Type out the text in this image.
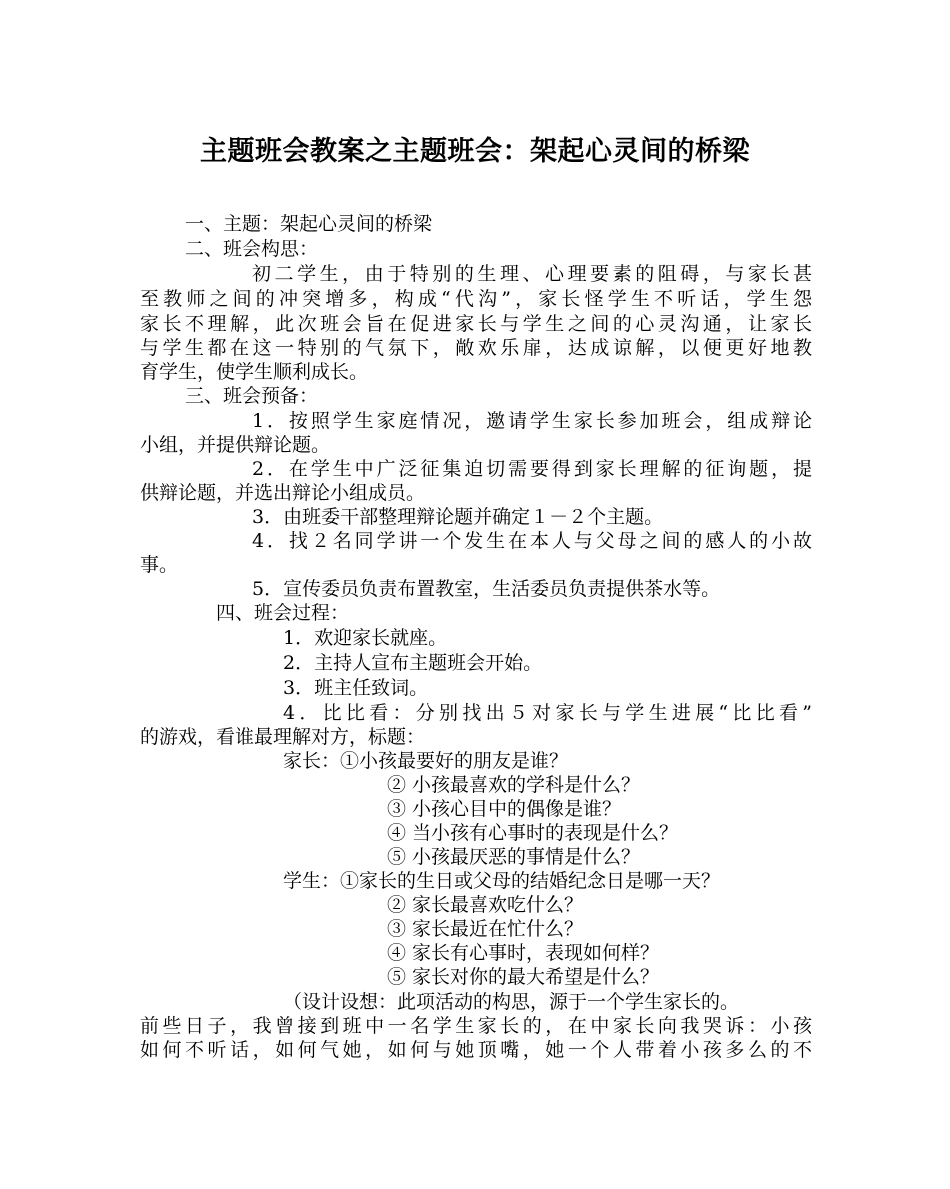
主题班会教案之主题班会：架起心灵间的桥梁
一、主题：架起心灵间的桥梁
二、班会构思：
初二学生，由于特别的生理、心理要素的阻碍，与家长甚
至教师之间的冲突增多，构成“代沟”，家长怪学生不听话，学生怨
家长不理解，此次班会旨在促进家长与学生之间的心灵沟通，让家长
与学生都在这一特别的气氛下，敞欢乐扉，达成谅解，以便更好地教
育学生，使学生顺利成长。
三、班会预备：
1．按照学生家庭情况，邀请学生家长参加班会，组成辩论
小组，并提供辩论题。
2．在学生中广泛征集迫切需要得到家长理解的征询题，提
供辩论题，并选出辩论小组成员。
3．由班委干部整理辩论题并确定１－２个主题。
4．找２名同学讲一个发生在本人与父母之间的感人的小故
事。
5．宣传委员负责布置教室，生活委员负责提供茶水等。
四、班会过程：
1．欢迎家长就座。
2．主持人宣布主题班会开始。
3．班主任致词。
4．比比看：分别找出５对家长与学生进展“比比看”
的游戏，看谁最理解对方，标题：
家长：①小孩最要好的朋友是谁？
② 小孩最喜欢的学科是什么？
③ 小孩心目中的偶像是谁？
④ 当小孩有心事时的表现是什么？
⑤ 小孩最厌恶的事情是什么？
学生：①家长的生日或父母的结婚纪念日是哪一天？
② 家长最喜欢吃什么？
③ 家长最近在忙什么？
④ 家长有心事时，表现如何样？
⑤ 家长对你的最大希望是什么？
（设计设想：此项活动的构思，源于一个学生家长的。
前些日子，我曾接到班中一名学生家长的，在中家长向我哭诉：小孩
如何不听话，如何气她，如何与她顶嘴，她一个人带着小孩多么的不
